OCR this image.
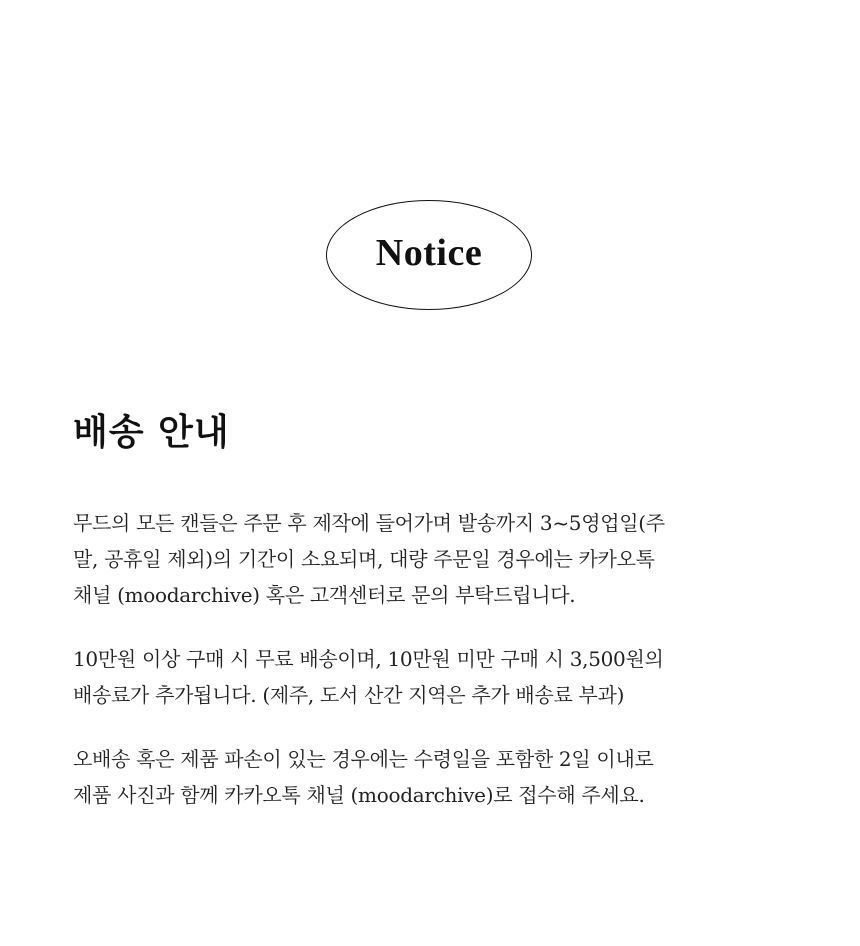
Notice
배송 안내

무드의 모든 캔들은 주문 후 제작에 들어가며 발송까지 3~5영업일(주
말, 공휴일 제외)의 기간이 소요되며, 대량 주문일 경우에는 카카오톡
채널 (moodarchive) 혹은 고객센터로 문의 부탁드립니다.

10만원 이상 구매 시 무료 배송이며, 10만원 미만 구매 시 3,500원의
배송료가 추가됩니다. (제주, 도서 산간 지역은 추가 배송료 부과)

오배송 혹은 제품 파손이 있는 경우에는 수령일을 포함한 2일 이내로
제품 사진과 함께 카카오톡 채널 (moodarchive)로 접수해 주세요.
